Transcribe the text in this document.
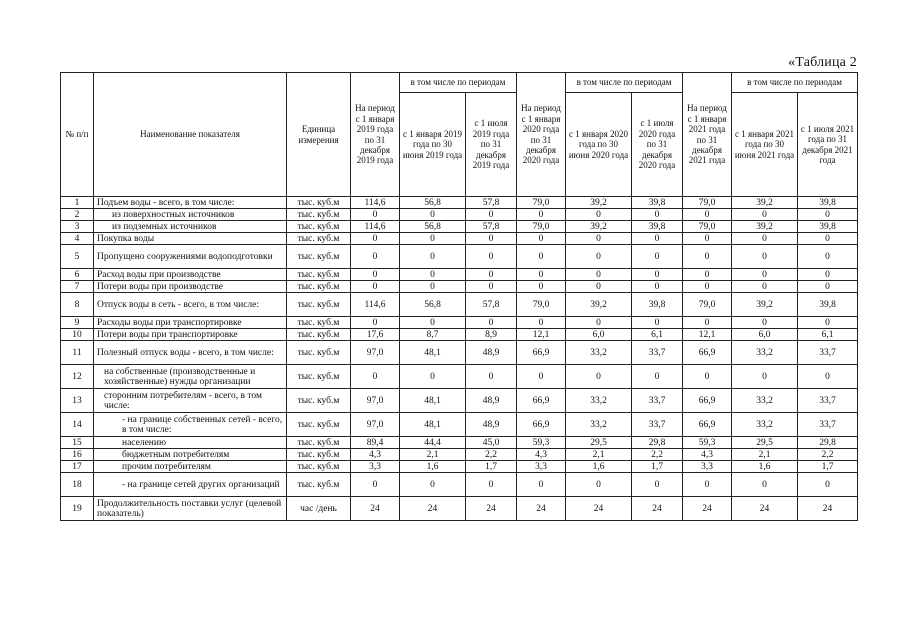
«Таблица 2
№ п/п	Наименование показателя	Единица измерения	На период с 1 января 2019 года по 31 декабря 2019 года	в том числе по периодам		На период с 1 января 2020 года по 31 декабря 2020 года	в том числе по периодам		На период с 1 января 2021 года по 31 декабря 2021 года	в том числе по периодам	
				с 1 января 2019 года по 30 июня 2019 года	с 1 июля 2019 года по 31 декабря 2019 года		с 1 января 2020 года по 30 июня 2020 года	с 1 июля 2020 года по 31 декабря 2020 года		с 1 января 2021 года по 30 июня 2021 года	с 1 июля 2021 года по 31 декабря 2021 года
1	Подъем воды - всего, в том числе:	тыс. куб.м	114,6	56,8	57,8	79,0	39,2	39,8	79,0	39,2	39,8
2	из поверхностных источников	тыс. куб.м	0	0	0	0	0	0	0	0	0
3	из подземных источников	тыс. куб.м	114,6	56,8	57,8	79,0	39,2	39,8	79,0	39,2	39,8
4	Покупка воды	тыс. куб.м	0	0	0	0	0	0	0	0	0
5	Пропущено сооружениями водоподготовки	тыс. куб.м	0	0	0	0	0	0	0	0	0
6	Расход воды при производстве	тыс. куб.м	0	0	0	0	0	0	0	0	0
7	Потери воды при производстве	тыс. куб.м	0	0	0	0	0	0	0	0	0
8	Отпуск воды в сеть - всего, в том числе:	тыс. куб.м	114,6	56,8	57,8	79,0	39,2	39,8	79,0	39,2	39,8
9	Расходы воды при транспортировке	тыс. куб.м	0	0	0	0	0	0	0	0	0
10	Потери воды при транспортировке	тыс. куб.м	17,6	8,7	8,9	12,1	6,0	6,1	12,1	6,0	6,1
11	Полезный отпуск воды - всего, в том числе:	тыс. куб.м	97,0	48,1	48,9	66,9	33,2	33,7	66,9	33,2	33,7
12	на собственные (производственные и хозяйственные) нужды организации	тыс. куб.м	0	0	0	0	0	0	0	0	0
13	сторонним потребителям - всего, в том числе:	тыс. куб.м	97,0	48,1	48,9	66,9	33,2	33,7	66,9	33,2	33,7
14	- на границе собственных сетей - всего, в том числе:	тыс. куб.м	97,0	48,1	48,9	66,9	33,2	33,7	66,9	33,2	33,7
15	населению	тыс. куб.м	89,4	44,4	45,0	59,3	29,5	29,8	59,3	29,5	29,8
16	бюджетным потребителям	тыс. куб.м	4,3	2,1	2,2	4,3	2,1	2,2	4,3	2,1	2,2
17	прочим потребителям	тыс. куб.м	3,3	1,6	1,7	3,3	1,6	1,7	3,3	1,6	1,7
18	- на границе сетей других организаций	тыс. куб.м	0	0	0	0	0	0	0	0	0
19	Продолжительность поставки услуг (целевой показатель)	час /день	24	24	24	24	24	24	24	24	24
